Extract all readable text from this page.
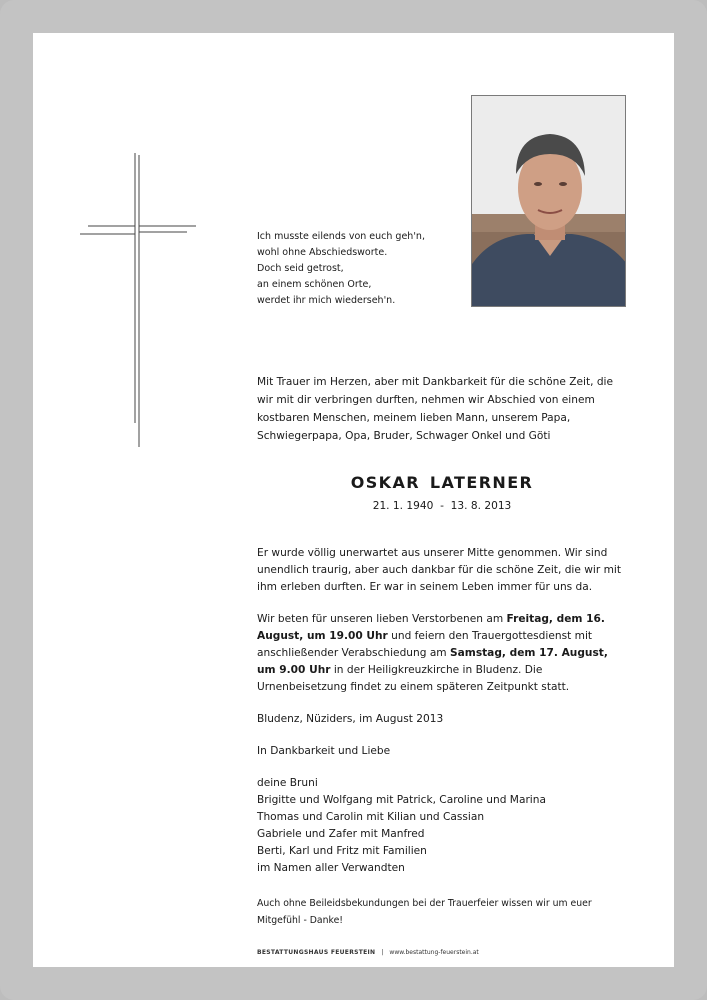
Ich musste eilends von euch geh'n,
wohl ohne Abschiedsworte.
Doch seid getrost,
an einem schönen Orte,
werdet ihr mich wiederseh'n.
Mit Trauer im Herzen, aber mit Dankbarkeit für die schöne Zeit, die wir mit dir verbringen durften, nehmen wir Abschied von einem kostbaren Menschen, meinem lieben Mann, unserem Papa, Schwiegerpapa, Opa, Bruder, Schwager Onkel und Göti
OSKAR LATERNER
21. 1. 1940  -  13. 8. 2013

Er wurde völlig unerwartet aus unserer Mitte genommen. Wir sind unendlich traurig, aber auch dankbar für die schöne Zeit, die wir mit ihm erleben durften. Er war in seinem Leben immer für uns da.

Wir beten für unseren lieben Verstorbenen am Freitag, dem 16. August, um 19.00 Uhr und feiern den Trauergottesdienst mit anschließender Verabschiedung am Samstag, dem 17. August, um 9.00 Uhr in der Heiligkreuzkirche in Bludenz. Die Urnenbeisetzung findet zu einem späteren Zeitpunkt statt.

Bludenz, Nüziders, im August 2013

In Dankbarkeit und Liebe

deine Bruni
Brigitte und Wolfgang mit Patrick, Caroline und Marina
Thomas und Carolin mit Kilian und Cassian
Gabriele und Zafer mit Manfred
Berti, Karl und Fritz mit Familien
im Namen aller Verwandten
Auch ohne Beileidsbekundungen bei der Trauerfeier wissen wir um euer Mitgefühl - Danke!
BESTATTUNGSHAUS FEUERSTEIN | www.bestattung-feuerstein.at
